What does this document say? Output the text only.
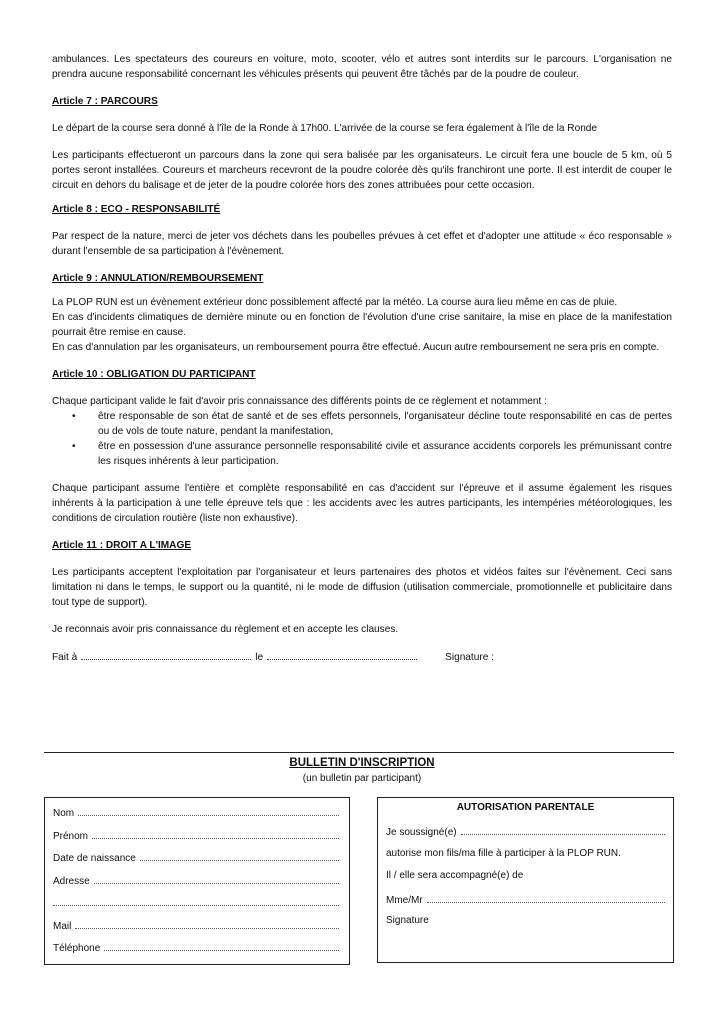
ambulances. Les spectateurs des coureurs en voiture, moto, scooter, vélo et autres sont interdits sur le parcours. L'organisation ne prendra aucune responsabilité concernant les véhicules présents qui peuvent être tâchés par de la poudre de couleur.

Article 7 : PARCOURS

Le départ de la course sera donné à l'île de la Ronde à 17h00. L'arrivée de la course se fera également à l'île de la Ronde

Les participants effectueront un parcours dans la zone qui sera balisée par les organisateurs. Le circuit fera une boucle de 5 km, où 5 portes seront installées. Coureurs et marcheurs recevront de la poudre colorée dès qu'ils franchiront une porte. Il est interdit de couper le circuit en dehors du balisage et de jeter de la poudre colorée hors des zones attribuées pour cette occasion.

Article 8 : ECO - RESPONSABILITÉ

Par respect de la nature, merci de jeter vos déchets dans les poubelles prévues à cet effet et d'adopter une attitude « éco responsable » durant l'ensemble de sa participation à l'évènement.

Article 9 : ANNULATION/REMBOURSEMENT

La PLOP RUN est un évènement extérieur donc possiblement affecté par la météo. La course aura lieu même en cas de pluie.

En cas d'incidents climatiques de dernière minute ou en fonction de l'évolution d'une crise sanitaire, la mise en place de la manifestation pourrait être remise en cause.

En cas d'annulation par les organisateurs, un remboursement pourra être effectué. Aucun autre remboursement ne sera pris en compte.

Article 10 : OBLIGATION DU PARTICIPANT

Chaque participant valide le fait d'avoir pris connaissance des différents points de ce règlement et notamment :

• être responsable de son état de santé et de ses effets personnels, l'organisateur décline toute responsabilité en cas de pertes ou de vols de toute nature, pendant la manifestation,
• être en possession d'une assurance personnelle responsabilité civile et assurance accidents corporels les prémunissant contre les risques inhérents à leur participation.

Chaque participant assume l'entière et complète responsabilité en cas d'accident sur l'épreuve et il assume également les risques inhérents à la participation à une telle épreuve tels que : les accidents avec les autres participants, les intempéries météorologiques, les conditions de circulation routière (liste non exhaustive).

Article 11 : DROIT A L'IMAGE

Les participants acceptent l'exploitation par l'organisateur et leurs partenaires des photos et vidéos faites sur l'évènement. Ceci sans limitation ni dans le temps, le support ou la quantité, ni le mode de diffusion (utilisation commerciale, promotionnelle et publicitaire dans tout type de support).

Je reconnais avoir pris connaissance du règlement et en accepte les clauses.

Fait à	le	Signature :
BULLETIN D'INSCRIPTION
(un bulletin par participant)
Nom
Prénom
Date de naissance
Adresse
Mail
Téléphone
AUTORISATION PARENTALE
Je soussigné(e)
autorise mon fils/ma fille à participer à la PLOP RUN.
Il / elle sera accompagné(e) de
Mme/Mr
Signature
